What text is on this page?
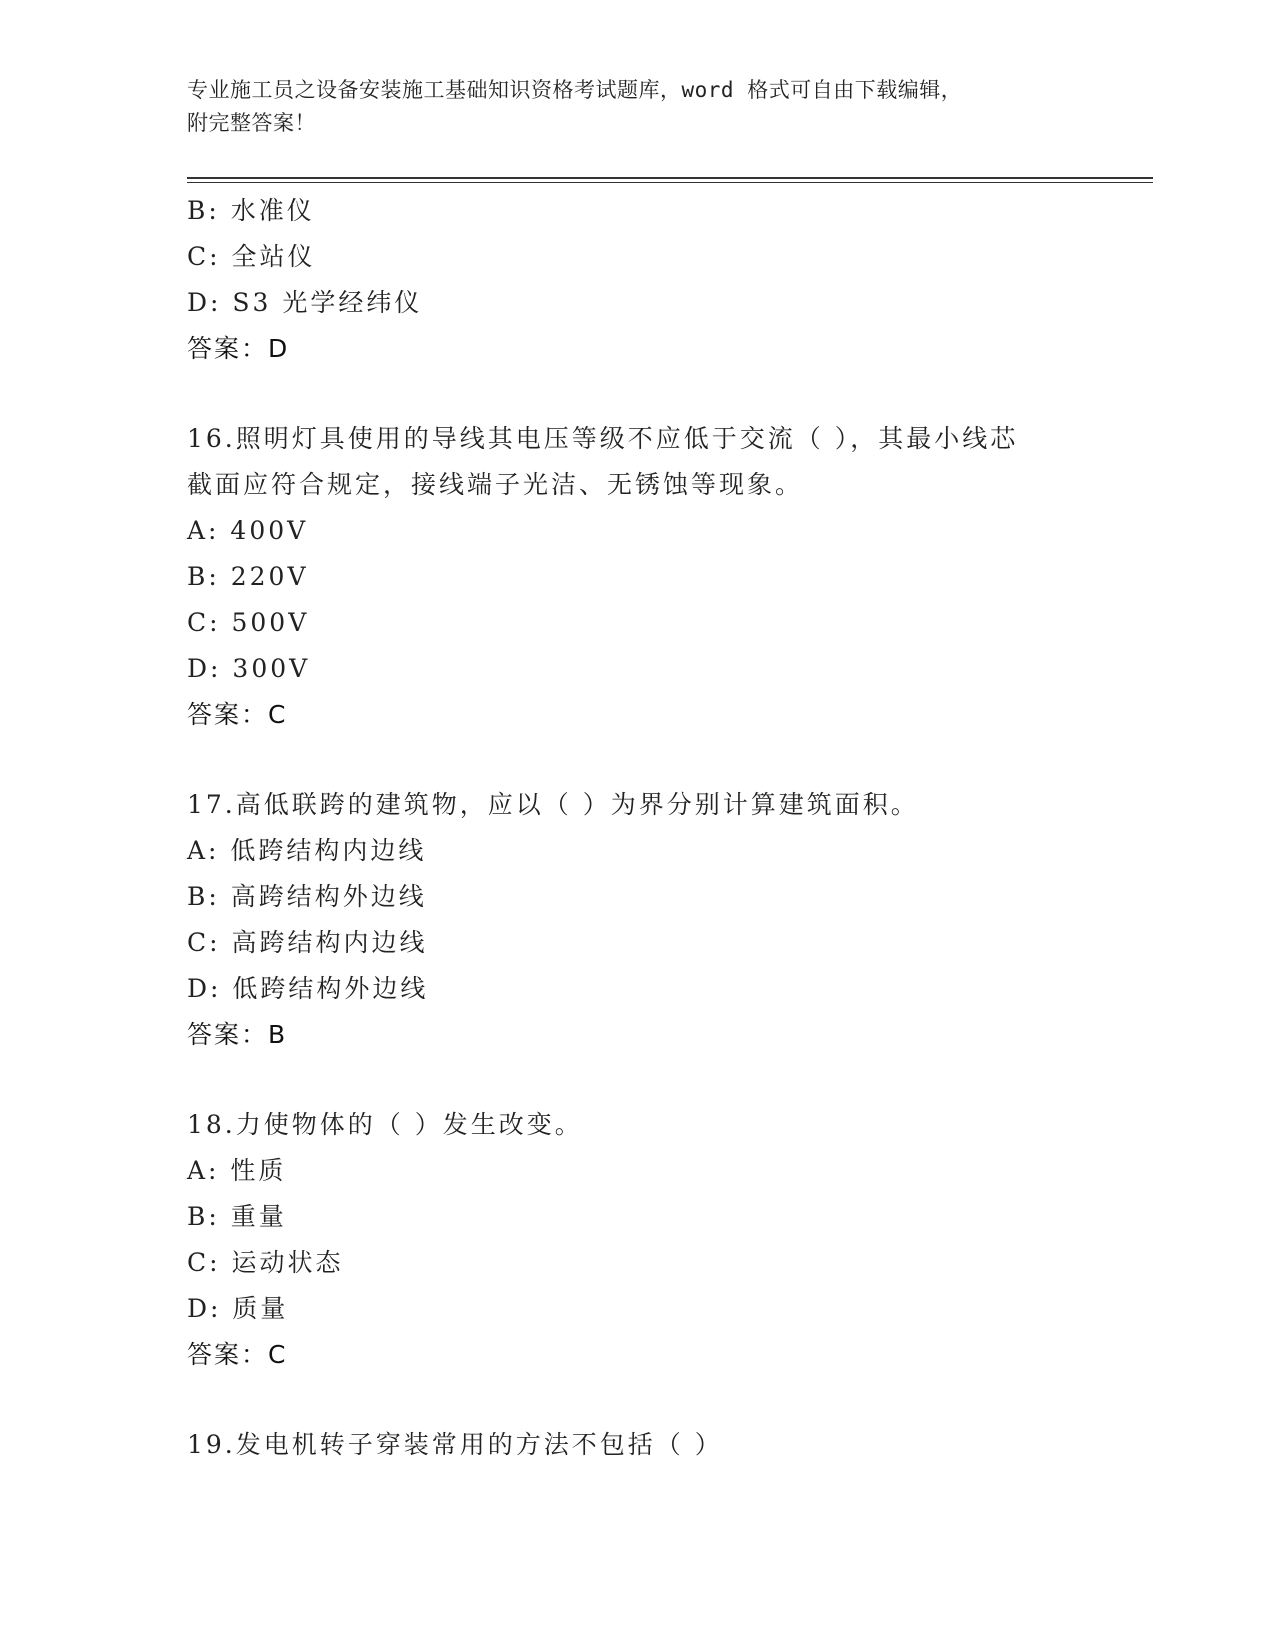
专业施工员之设备安装施工基础知识资格考试题库，word 格式可自由下载编辑，
附完整答案！
B: 水准仪
C: 全站仪
D: S3 光学经纬仪
答案：D
16.照明灯具使用的导线其电压等级不应低于交流（ ），其最小线芯
截面应符合规定，接线端子光洁、无锈蚀等现象。
A: 400V
B: 220V
C: 500V
D: 300V
答案：C
17.高低联跨的建筑物，应以（ ）为界分别计算建筑面积。
A: 低跨结构内边线
B: 高跨结构外边线
C: 高跨结构内边线
D: 低跨结构外边线
答案：B
18.力使物体的（ ）发生改变。
A: 性质
B: 重量
C: 运动状态
D: 质量
答案：C
19.发电机转子穿装常用的方法不包括（ ）
